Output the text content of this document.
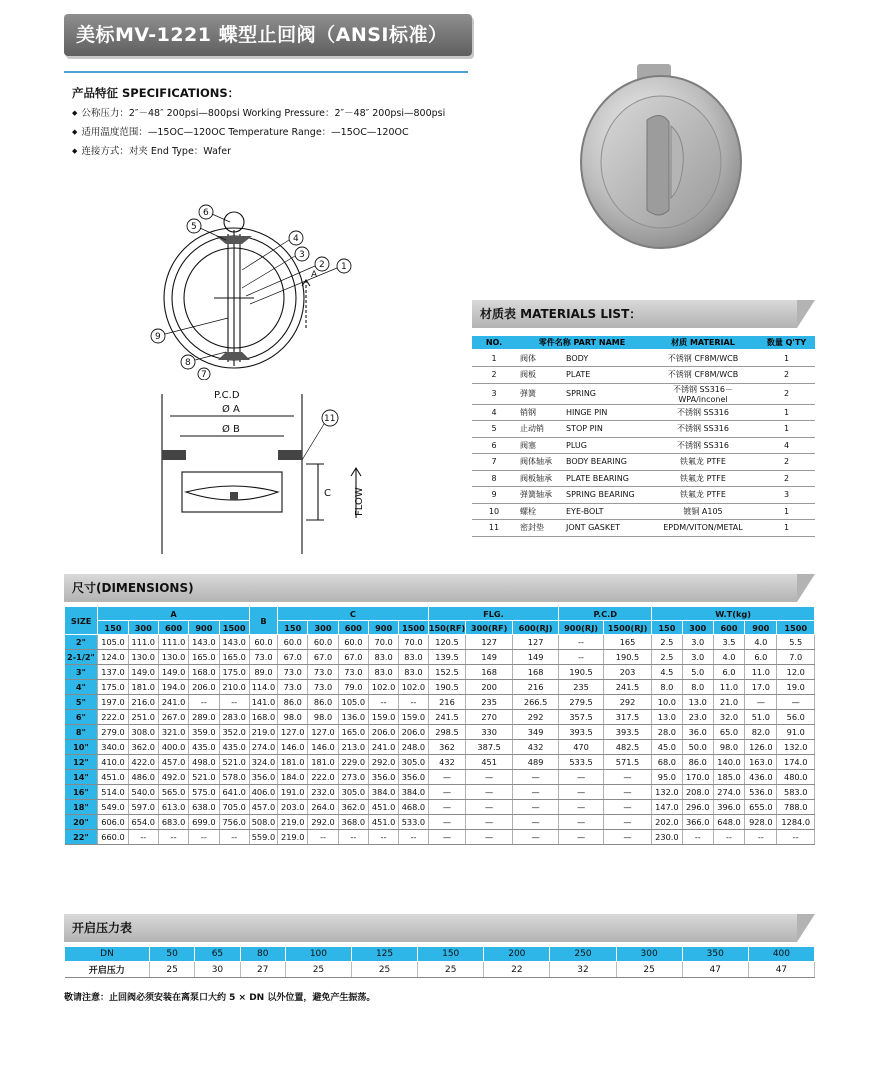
美标MV-1221 蝶型止回阀（ANSI标准）
产品特征 SPECIFICATIONS：
◆ 公称压力：2″－48″ 200psi—800psi Working Pressure：2″－48″ 200psi—800psi
◆ 适用温度范围：—15OC—120OC Temperature Range：—15OC—120OC
◆ 连接方式：对夹 End Type：Wafer
A
6
5
4
3
2 1
9
8
7
P.C.D
Ø A
Ø B
C FLOW
11
材质表 MATERIALS LIST：
NO.	零件名称 PART NAME		材质 MATERIAL	数量 Q'TY
1	阀体	BODY	不锈钢 CF8M/WCB	1
2	阀板	PLATE	不锈钢 CF8M/WCB	2
3	弹簧	SPRING	不锈钢 SS316－ WPA/inconel	2
4	销钢	HINGE PIN	不锈钢 SS316	1
5	止动销	STOP PIN	不锈钢 SS316	1
6	阀塞	PLUG	不锈钢 SS316	4
7	阀体轴承	BODY BEARING	铁氟龙 PTFE	2
8	阀板轴承	PLATE BEARING	铁氟龙 PTFE	2
9	弹簧轴承	SPRING BEARING	铁氟龙 PTFE	3
10	螺栓	EYE-BOLT	镀铜 A105	1
11	密封垫	JONT GASKET	EPDM/VITON/METAL	1
尺寸(DIMENSIONS)
SIZE	A					B	C					FLG.			P.C.D		W.T(kg)				
	150	300	600	900	1500		150	300	600	900	1500	150(RF)	300(RF)	600(RJ)	900(RJ)	1500(RJ)	150	300	600	900	1500
2"	105.0	111.0	111.0	143.0	143.0	60.0	60.0	60.0	60.0	70.0	70.0	120.5	127	127	--	165	2.5	3.0	3.5	4.0	5.5
2-1/2"	124.0	130.0	130.0	165.0	165.0	73.0	67.0	67.0	67.0	83.0	83.0	139.5	149	149	--	190.5	2.5	3.0	4.0	6.0	7.0
3"	137.0	149.0	149.0	168.0	175.0	89.0	73.0	73.0	73.0	83.0	83.0	152.5	168	168	190.5	203	4.5	5.0	6.0	11.0	12.0
4"	175.0	181.0	194.0	206.0	210.0	114.0	73.0	73.0	79.0	102.0	102.0	190.5	200	216	235	241.5	8.0	8.0	11.0	17.0	19.0
5"	197.0	216.0	241.0	--	--	141.0	86.0	86.0	105.0	--	--	216	235	266.5	279.5	292	10.0	13.0	21.0	—	—
6"	222.0	251.0	267.0	289.0	283.0	168.0	98.0	98.0	136.0	159.0	159.0	241.5	270	292	357.5	317.5	13.0	23.0	32.0	51.0	56.0
8"	279.0	308.0	321.0	359.0	352.0	219.0	127.0	127.0	165.0	206.0	206.0	298.5	330	349	393.5	393.5	28.0	36.0	65.0	82.0	91.0
10"	340.0	362.0	400.0	435.0	435.0	274.0	146.0	146.0	213.0	241.0	248.0	362	387.5	432	470	482.5	45.0	50.0	98.0	126.0	132.0
12"	410.0	422.0	457.0	498.0	521.0	324.0	181.0	181.0	229.0	292.0	305.0	432	451	489	533.5	571.5	68.0	86.0	140.0	163.0	174.0
14"	451.0	486.0	492.0	521.0	578.0	356.0	184.0	222.0	273.0	356.0	356.0	—	—	—	—	—	95.0	170.0	185.0	436.0	480.0
16"	514.0	540.0	565.0	575.0	641.0	406.0	191.0	232.0	305.0	384.0	384.0	—	—	—	—	—	132.0	208.0	274.0	536.0	583.0
18"	549.0	597.0	613.0	638.0	705.0	457.0	203.0	264.0	362.0	451.0	468.0	—	—	—	—	—	147.0	296.0	396.0	655.0	788.0
20"	606.0	654.0	683.0	699.0	756.0	508.0	219.0	292.0	368.0	451.0	533.0	—	—	—	—	—	202.0	366.0	648.0	928.0	1284.0
22"	660.0	--	--	--	--	559.0	219.0	--	--	--	--	—	—	—	—	—	230.0	--	--	--	--
开启压力表
DN	50	65	80	100	125	150	200	250	300	350	400
开启压力	25	30	27	25	25	25	22	32	25	47	47
敬请注意：止回阀必须安装在离泵口大约 5 × DN 以外位置，避免产生振荡。
